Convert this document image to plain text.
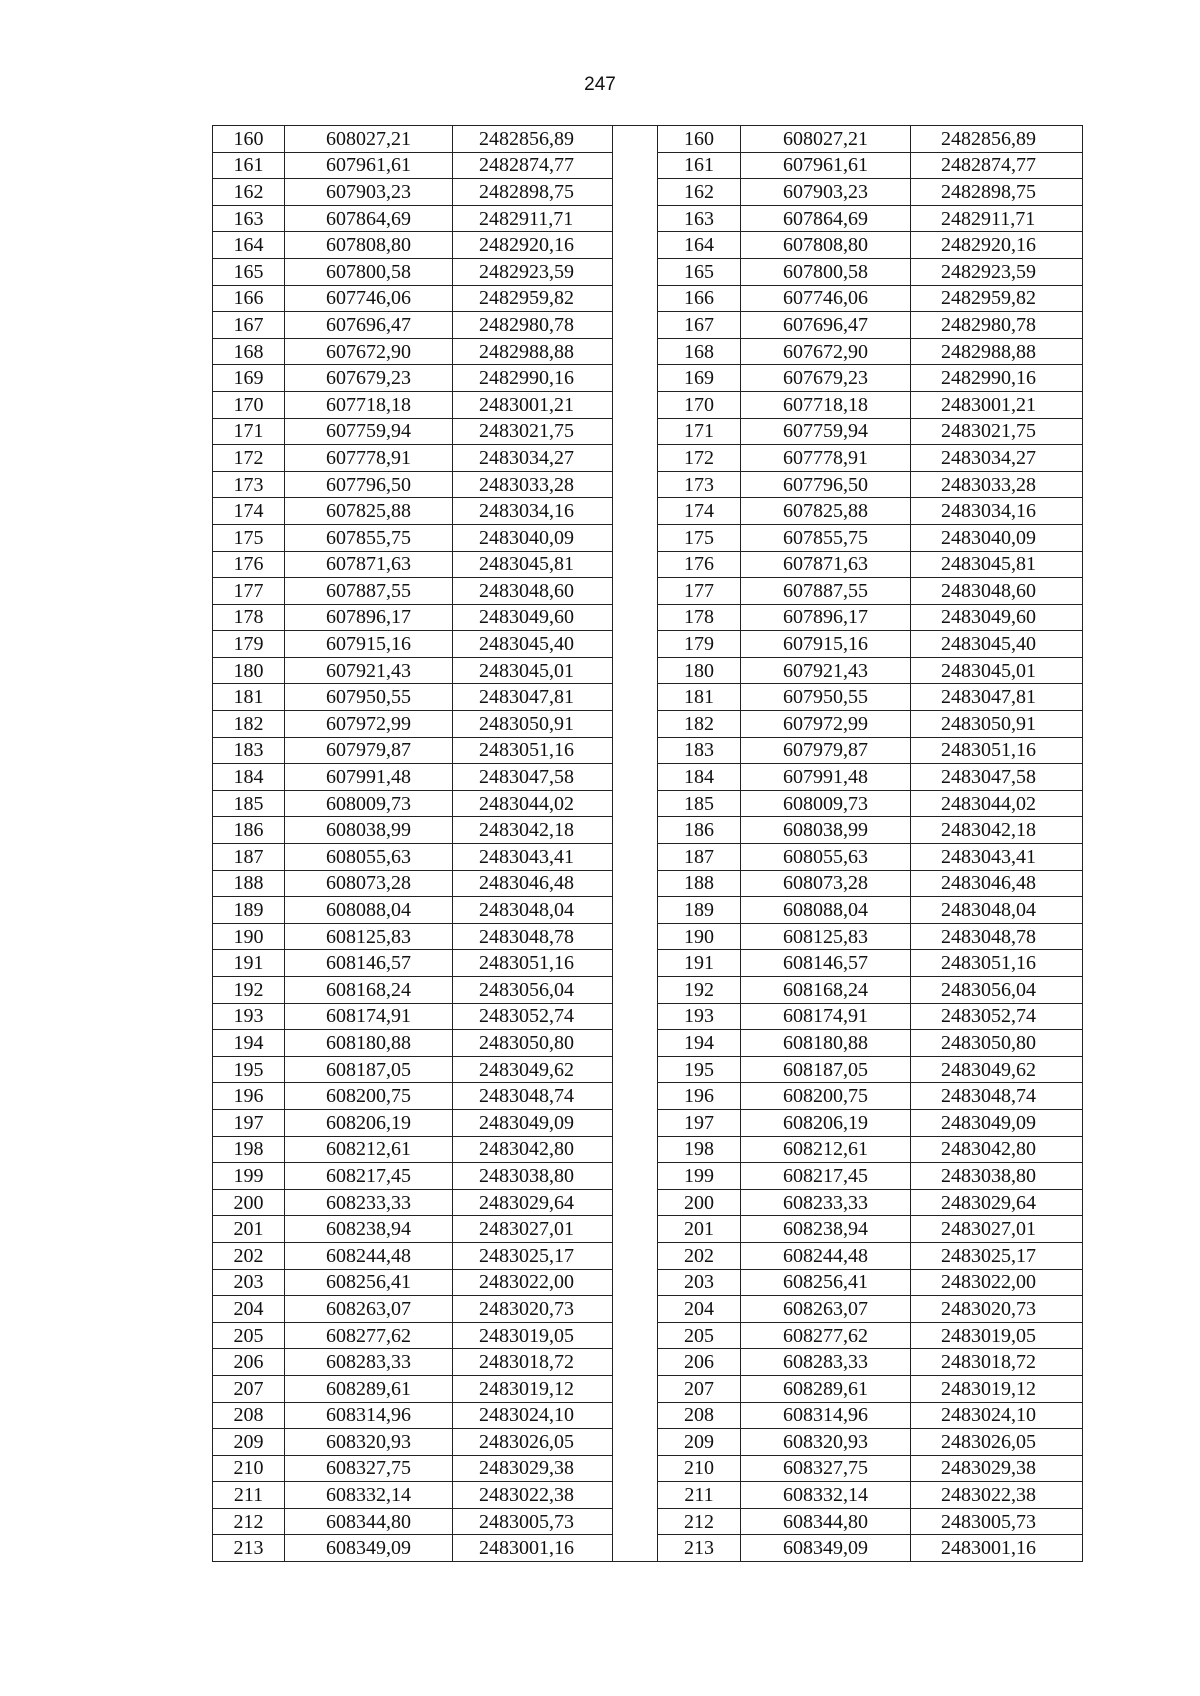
247
160	608027,21	2482856,89		160	608027,21	2482856,89
161	607961,61	2482874,77		161	607961,61	2482874,77
162	607903,23	2482898,75		162	607903,23	2482898,75
163	607864,69	2482911,71		163	607864,69	2482911,71
164	607808,80	2482920,16		164	607808,80	2482920,16
165	607800,58	2482923,59		165	607800,58	2482923,59
166	607746,06	2482959,82		166	607746,06	2482959,82
167	607696,47	2482980,78		167	607696,47	2482980,78
168	607672,90	2482988,88		168	607672,90	2482988,88
169	607679,23	2482990,16		169	607679,23	2482990,16
170	607718,18	2483001,21		170	607718,18	2483001,21
171	607759,94	2483021,75		171	607759,94	2483021,75
172	607778,91	2483034,27		172	607778,91	2483034,27
173	607796,50	2483033,28		173	607796,50	2483033,28
174	607825,88	2483034,16		174	607825,88	2483034,16
175	607855,75	2483040,09		175	607855,75	2483040,09
176	607871,63	2483045,81		176	607871,63	2483045,81
177	607887,55	2483048,60		177	607887,55	2483048,60
178	607896,17	2483049,60		178	607896,17	2483049,60
179	607915,16	2483045,40		179	607915,16	2483045,40
180	607921,43	2483045,01		180	607921,43	2483045,01
181	607950,55	2483047,81		181	607950,55	2483047,81
182	607972,99	2483050,91		182	607972,99	2483050,91
183	607979,87	2483051,16		183	607979,87	2483051,16
184	607991,48	2483047,58		184	607991,48	2483047,58
185	608009,73	2483044,02		185	608009,73	2483044,02
186	608038,99	2483042,18		186	608038,99	2483042,18
187	608055,63	2483043,41		187	608055,63	2483043,41
188	608073,28	2483046,48		188	608073,28	2483046,48
189	608088,04	2483048,04		189	608088,04	2483048,04
190	608125,83	2483048,78		190	608125,83	2483048,78
191	608146,57	2483051,16		191	608146,57	2483051,16
192	608168,24	2483056,04		192	608168,24	2483056,04
193	608174,91	2483052,74		193	608174,91	2483052,74
194	608180,88	2483050,80		194	608180,88	2483050,80
195	608187,05	2483049,62		195	608187,05	2483049,62
196	608200,75	2483048,74		196	608200,75	2483048,74
197	608206,19	2483049,09		197	608206,19	2483049,09
198	608212,61	2483042,80		198	608212,61	2483042,80
199	608217,45	2483038,80		199	608217,45	2483038,80
200	608233,33	2483029,64		200	608233,33	2483029,64
201	608238,94	2483027,01		201	608238,94	2483027,01
202	608244,48	2483025,17		202	608244,48	2483025,17
203	608256,41	2483022,00		203	608256,41	2483022,00
204	608263,07	2483020,73		204	608263,07	2483020,73
205	608277,62	2483019,05		205	608277,62	2483019,05
206	608283,33	2483018,72		206	608283,33	2483018,72
207	608289,61	2483019,12		207	608289,61	2483019,12
208	608314,96	2483024,10		208	608314,96	2483024,10
209	608320,93	2483026,05		209	608320,93	2483026,05
210	608327,75	2483029,38		210	608327,75	2483029,38
211	608332,14	2483022,38		211	608332,14	2483022,38
212	608344,80	2483005,73		212	608344,80	2483005,73
213	608349,09	2483001,16		213	608349,09	2483001,16
